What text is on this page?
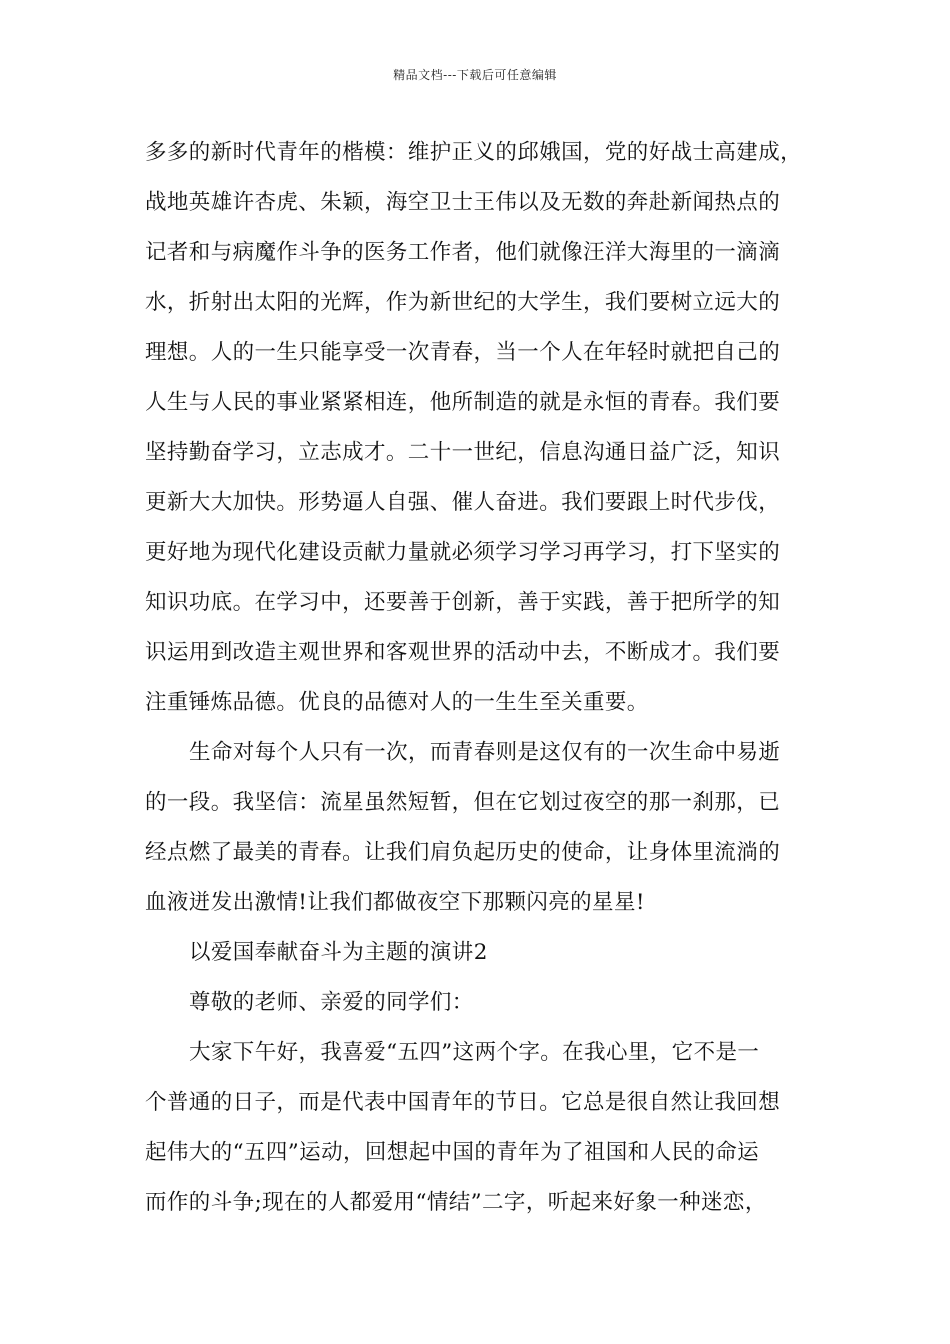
精品文档---下载后可任意编辑
多多的新时代青年的楷模：维护正义的邱娥国，党的好战士高建成，
战地英雄许杏虎、朱颖，海空卫士王伟以及无数的奔赴新闻热点的
记者和与病魔作斗争的医务工作者，他们就像汪洋大海里的一滴滴
水，折射出太阳的光辉，作为新世纪的大学生，我们要树立远大的
理想。人的一生只能享受一次青春，当一个人在年轻时就把自己的
人生与人民的事业紧紧相连，他所制造的就是永恒的青春。我们要
坚持勤奋学习，立志成才。二十一世纪，信息沟通日益广泛，知识
更新大大加快。形势逼人自强、催人奋进。我们要跟上时代步伐，
更好地为现代化建设贡献力量就必须学习学习再学习，打下坚实的
知识功底。在学习中，还要善于创新，善于实践，善于把所学的知
识运用到改造主观世界和客观世界的活动中去，不断成才。我们要
注重锤炼品德。优良的品德对人的一生生至关重要。
生命对每个人只有一次，而青春则是这仅有的一次生命中易逝
的一段。我坚信：流星虽然短暂，但在它划过夜空的那一刹那，已
经点燃了最美的青春。让我们肩负起历史的使命，让身体里流淌的
血液迸发出激情!让我们都做夜空下那颗闪亮的星星!
以爱国奉献奋斗为主题的演讲2
尊敬的老师、亲爱的同学们：
大家下午好，我喜爱“五四”这两个字。在我心里，它不是一
个普通的日子，而是代表中国青年的节日。它总是很自然让我回想
起伟大的“五四”运动，回想起中国的青年为了祖国和人民的命运
而作的斗争;现在的人都爱用“情结”二字，听起来好象一种迷恋，
